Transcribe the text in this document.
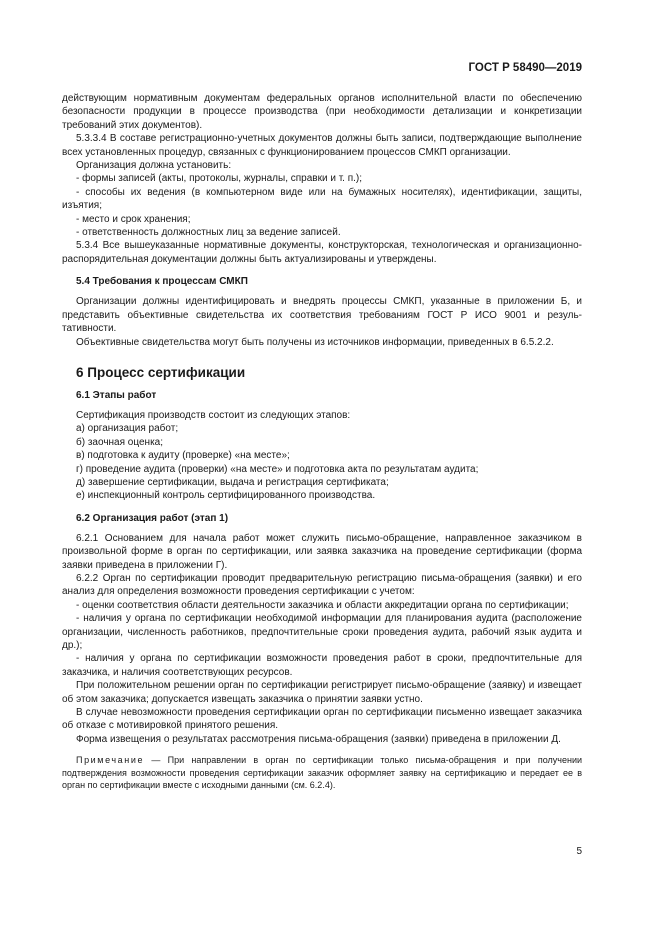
ГОСТ Р 58490—2019

действующим нормативным документам федеральных органов исполнительной власти по обеспечению безопасности продукции в процессе производства (при необходимости детализации и конкретизации требований этих документов).

5.3.3.4 В составе регистрационно-учетных документов должны быть записи, подтверждающие выполнение всех установленных процедур, связанных с функционированием процессов СМКП организации.

Организация должна установить:

- формы записей (акты, протоколы, журналы, справки и т. п.);

- способы их ведения (в компьютерном виде или на бумажных носителях), идентификации, защиты, изъятия;

- место и срок хранения;

- ответственность должностных лиц за ведение записей.

5.3.4 Все вышеуказанные нормативные документы, конструкторская, технологическая и организационно-распорядительная документации должны быть актуализированы и утверждены.

5.4 Требования к процессам СМКП

Организации должны идентифицировать и внедрять процессы СМКП, указанные в приложении Б, и представить объективные свидетельства их соответствия требованиям ГОСТ Р ИСО 9001 и резуль-тативности.

Объективные свидетельства могут быть получены из источников информации, приведенных в 6.5.2.2.

6 Процесс сертификации
6.1 Этапы работ

Сертификация производств состоит из следующих этапов:

а) организация работ;

б) заочная оценка;

в) подготовка к аудиту (проверке) «на месте»;

г) проведение аудита (проверки) «на месте» и подготовка акта по результатам аудита;

д) завершение сертификации, выдача и регистрация сертификата;

е) инспекционный контроль сертифицированного производства.

6.2 Организация работ (этап 1)

6.2.1 Основанием для начала работ может служить письмо-обращение, направленное заказчиком в произвольной форме в орган по сертификации, или заявка заказчика на проведение сертификации (форма заявки приведена в приложении Г).

6.2.2 Орган по сертификации проводит предварительную регистрацию письма-обращения (заявки) и его анализ для определения возможности проведения сертификации с учетом:

- оценки соответствия области деятельности заказчика и области аккредитации органа по сертификации;

- наличия у органа по сертификации необходимой информации для планирования аудита (расположение организации, численность работников, предпочтительные сроки проведения аудита, рабочий язык аудита и др.);

- наличия у органа по сертификации возможности проведения работ в сроки, предпочтительные для заказчика, и наличия соответствующих ресурсов.

При положительном решении орган по сертификации регистрирует письмо-обращение (заявку) и извещает об этом заказчика; допускается извещать заказчика о принятии заявки устно.

В случае невозможности проведения сертификации орган по сертификации письменно извещает заказчика об отказе с мотивировкой принятого решения.

Форма извещения о результатах рассмотрения письма-обращения (заявки) приведена в приложении Д.

Примечание — При направлении в орган по сертификации только письма-обращения и при получении подтверждения возможности проведения сертификации заказчик оформляет заявку на сертификацию и передает ее в орган по сертификации вместе с исходными данными (см. 6.2.4).
5
